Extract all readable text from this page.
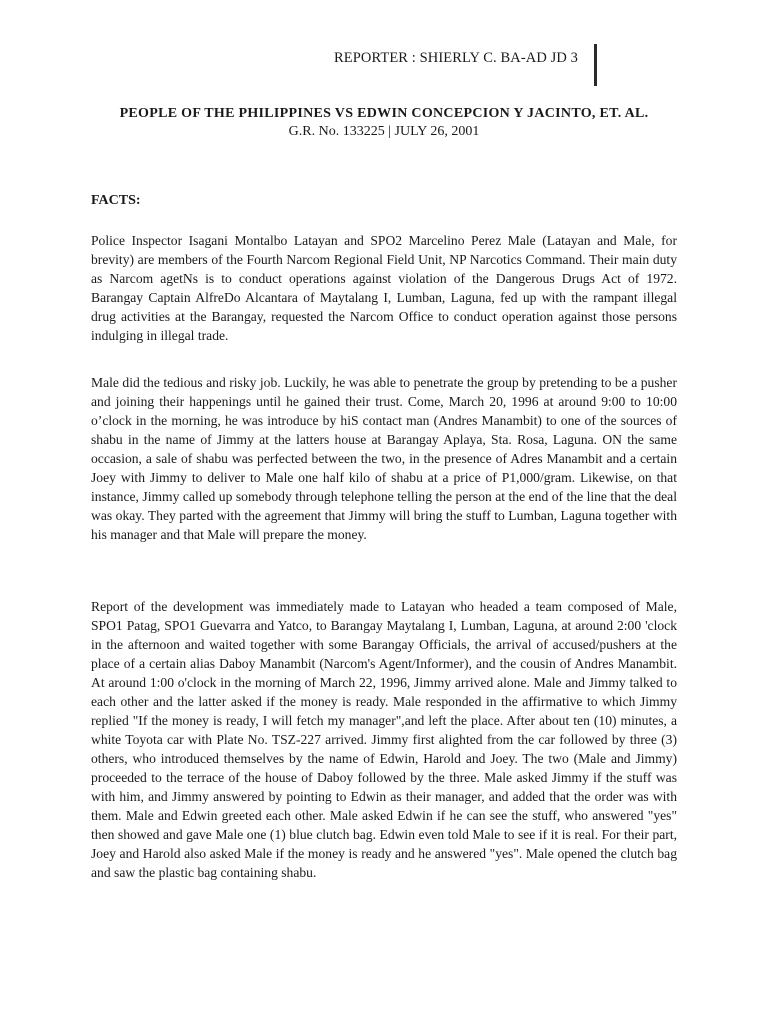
REPORTER : SHIERLY C. BA-AD JD 3
PEOPLE OF THE PHILIPPINES VS EDWIN CONCEPCION Y JACINTO, ET. AL.
G.R. No. 133225 | JULY 26, 2001
FACTS:

Police Inspector Isagani Montalbo Latayan and SPO2 Marcelino Perez Male (Latayan and Male, for brevity) are members of the Fourth Narcom Regional Field Unit, NP Narcotics Command. Their main duty as Narcom agetNs is to conduct operations against violation of the Dangerous Drugs Act of 1972. Barangay Captain AlfreDo Alcantara of Maytalang I, Lumban, Laguna, fed up with the rampant illegal drug activities at the Barangay, requested the Narcom Office to conduct operation against those persons indulging in illegal trade.

Male did the tedious and risky job. Luckily, he was able to penetrate the group by pretending to be a pusher and joining their happenings until he gained their trust. Come, March 20, 1996 at around 9:00 to 10:00 o’clock in the morning, he was introduce by hiS contact man (Andres Manambit) to one of the sources of shabu in the name of Jimmy at the latters house at Barangay Aplaya, Sta. Rosa, Laguna. ON the same occasion, a sale of shabu was perfected between the two, in the presence of Adres Manambit and a certain Joey with Jimmy to deliver to Male one half kilo of shabu at a price of P1,000/gram. Likewise, on that instance, Jimmy called up somebody through telephone telling the person at the end of the line that the deal was okay. They parted with the agreement that Jimmy will bring the stuff to Lumban, Laguna together with his manager and that Male will prepare the money.

Report of the development was immediately made to Latayan who headed a team composed of Male, SPO1 Patag, SPO1 Guevarra and Yatco, to Barangay Maytalang I, Lumban, Laguna, at around 2:00 'clock in the afternoon and waited together with some Barangay Officials, the arrival of accused/pushers at the place of a certain alias Daboy Manambit (Narcom's Agent/Informer), and the cousin of Andres Manambit. At around 1:00 o'clock in the morning of March 22, 1996, Jimmy arrived alone. Male and Jimmy talked to each other and the latter asked if the money is ready. Male responded in the affirmative to which Jimmy replied "If the money is ready, I will fetch my manager",and left the place. After about ten (10) minutes, a white Toyota car with Plate No. TSZ-227 arrived. Jimmy first alighted from the car followed by three (3) others, who introduced themselves by the name of Edwin, Harold and Joey. The two (Male and Jimmy) proceeded to the terrace of the house of Daboy followed by the three. Male asked Jimmy if the stuff was with him, and Jimmy answered by pointing to Edwin as their manager, and added that the order was with them. Male and Edwin greeted each other. Male asked Edwin if he can see the stuff, who answered "yes" then showed and gave Male one (1) blue clutch bag. Edwin even told Male to see if it is real. For their part, Joey and Harold also asked Male if the money is ready and he answered "yes". Male opened the clutch bag and saw the plastic bag containing shabu.
